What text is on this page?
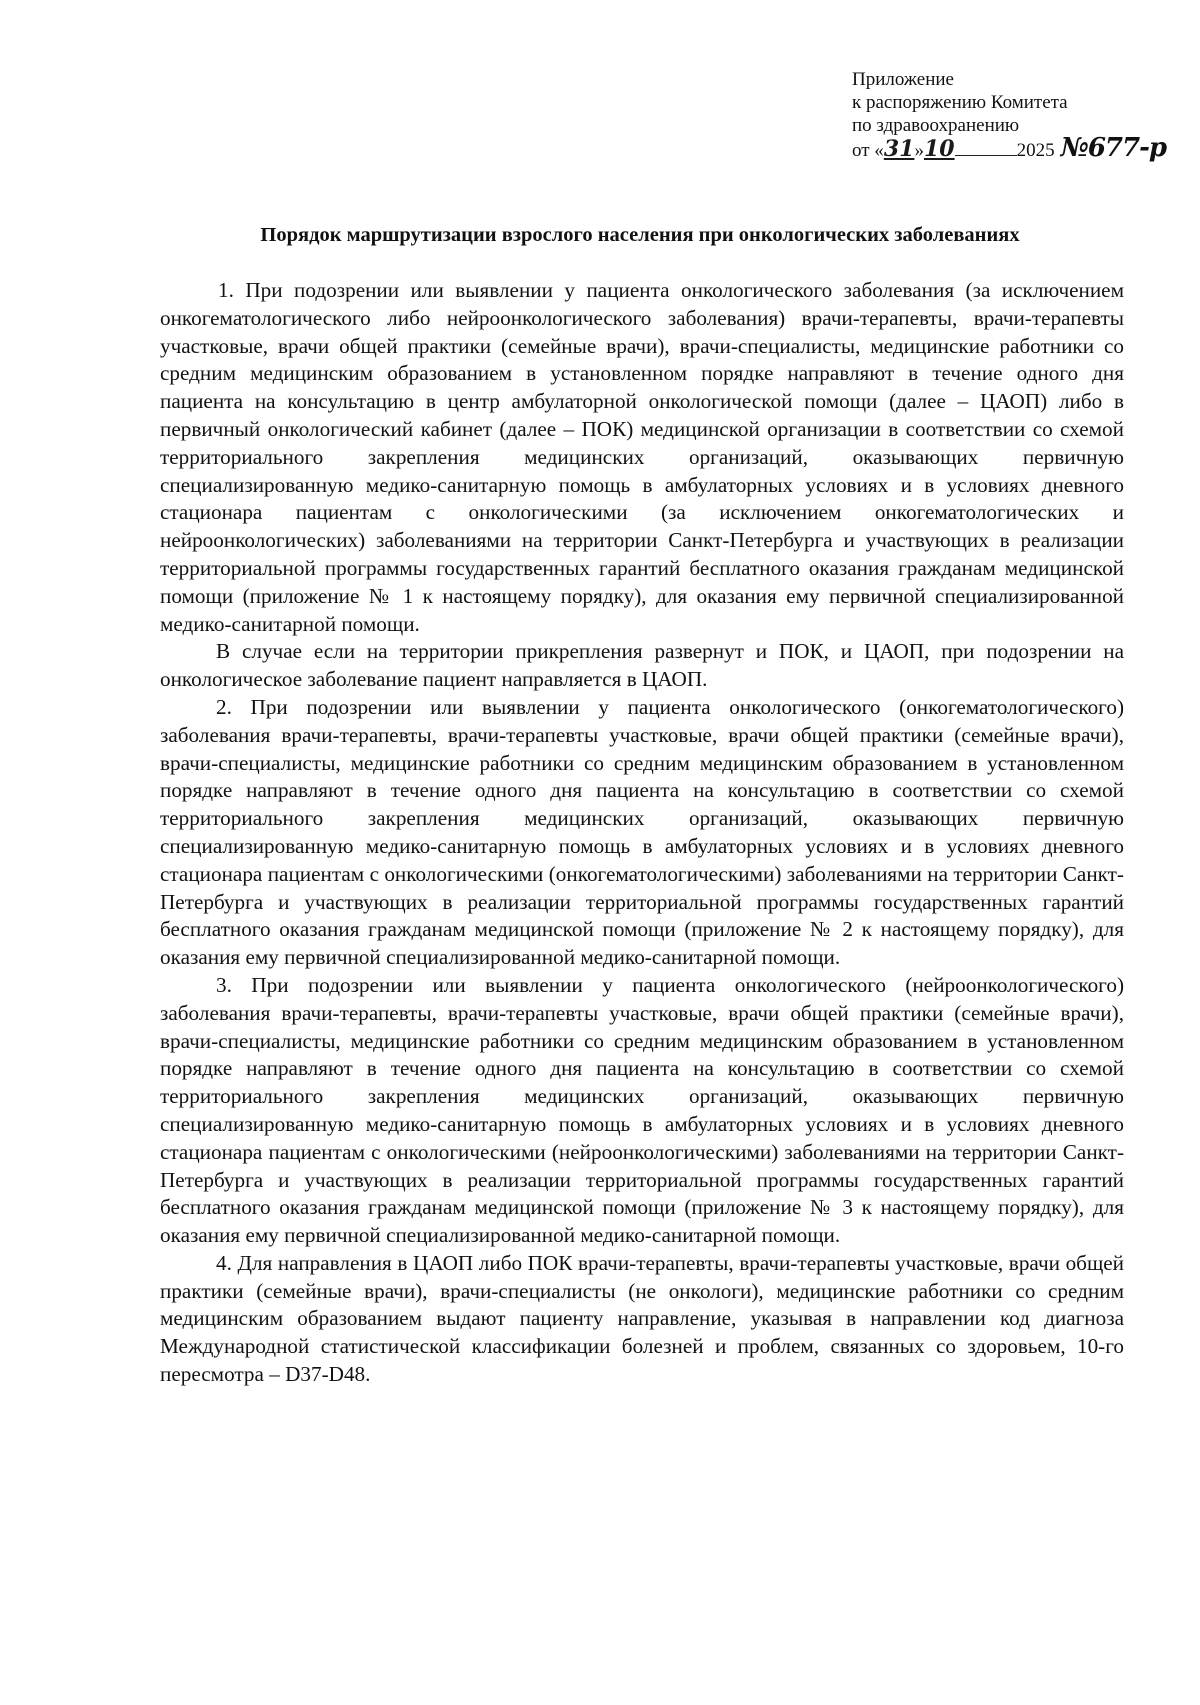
Приложение
к распоряжению Комитета
по здравоохранению
от «31»10	2025 №677-р
Порядок маршрутизации взрослого населения при онкологических заболеваниях

1. При подозрении или выявлении у пациента онкологического заболевания (за исключением онкогематологического либо нейроонкологического заболевания) врачи-терапевты, врачи-терапевты участковые, врачи общей практики (семейные врачи), врачи-специалисты, медицинские работники со средним медицинским образованием в установленном порядке направляют в течение одного дня пациента на консультацию в центр амбулаторной онкологической помощи (далее – ЦАОП) либо в первичный онкологический кабинет (далее – ПОК) медицинской организации в соответствии со схемой территориального закрепления медицинских организаций, оказывающих первичную специализированную медико-санитарную помощь в амбулаторных условиях и в условиях дневного стационара пациентам с онкологическими (за исключением онкогематологических и нейроонкологических) заболеваниями на территории Санкт-Петербурга и участвующих в реализации территориальной программы государственных гарантий бесплатного оказания гражданам медицинской помощи (приложение № 1 к настоящему порядку), для оказания ему первичной специализированной медико-санитарной помощи.

В случае если на территории прикрепления развернут и ПОК, и ЦАОП, при подозрении на онкологическое заболевание пациент направляется в ЦАОП.

2. При подозрении или выявлении у пациента онкологического (онкогематологического) заболевания врачи-терапевты, врачи-терапевты участковые, врачи общей практики (семейные врачи), врачи-специалисты, медицинские работники со средним медицинским образованием в установленном порядке направляют в течение одного дня пациента на консультацию в соответствии со схемой территориального закрепления медицинских организаций, оказывающих первичную специализированную медико-санитарную помощь в амбулаторных условиях и в условиях дневного стационара пациентам с онкологическими (онкогематологическими) заболеваниями на территории Санкт-Петербурга и участвующих в реализации территориальной программы государственных гарантий бесплатного оказания гражданам медицинской помощи (приложение № 2 к настоящему порядку), для оказания ему первичной специализированной медико-санитарной помощи.

3. При подозрении или выявлении у пациента онкологического (нейроонкологического) заболевания врачи-терапевты, врачи-терапевты участковые, врачи общей практики (семейные врачи), врачи-специалисты, медицинские работники со средним медицинским образованием в установленном порядке направляют в течение одного дня пациента на консультацию в соответствии со схемой территориального закрепления медицинских организаций, оказывающих первичную специализированную медико-санитарную помощь в амбулаторных условиях и в условиях дневного стационара пациентам с онкологическими (нейроонкологическими) заболеваниями на территории Санкт-Петербурга и участвующих в реализации территориальной программы государственных гарантий бесплатного оказания гражданам медицинской помощи (приложение № 3 к настоящему порядку), для оказания ему первичной специализированной медико-санитарной помощи.

4. Для направления в ЦАОП либо ПОК врачи-терапевты, врачи-терапевты участковые, врачи общей практики (семейные врачи), врачи-специалисты (не онкологи), медицинские работники со средним медицинским образованием выдают пациенту направление, указывая в направлении код диагноза Международной статистической классификации болезней и проблем, связанных со здоровьем, 10-го пересмотра – D37-D48.
